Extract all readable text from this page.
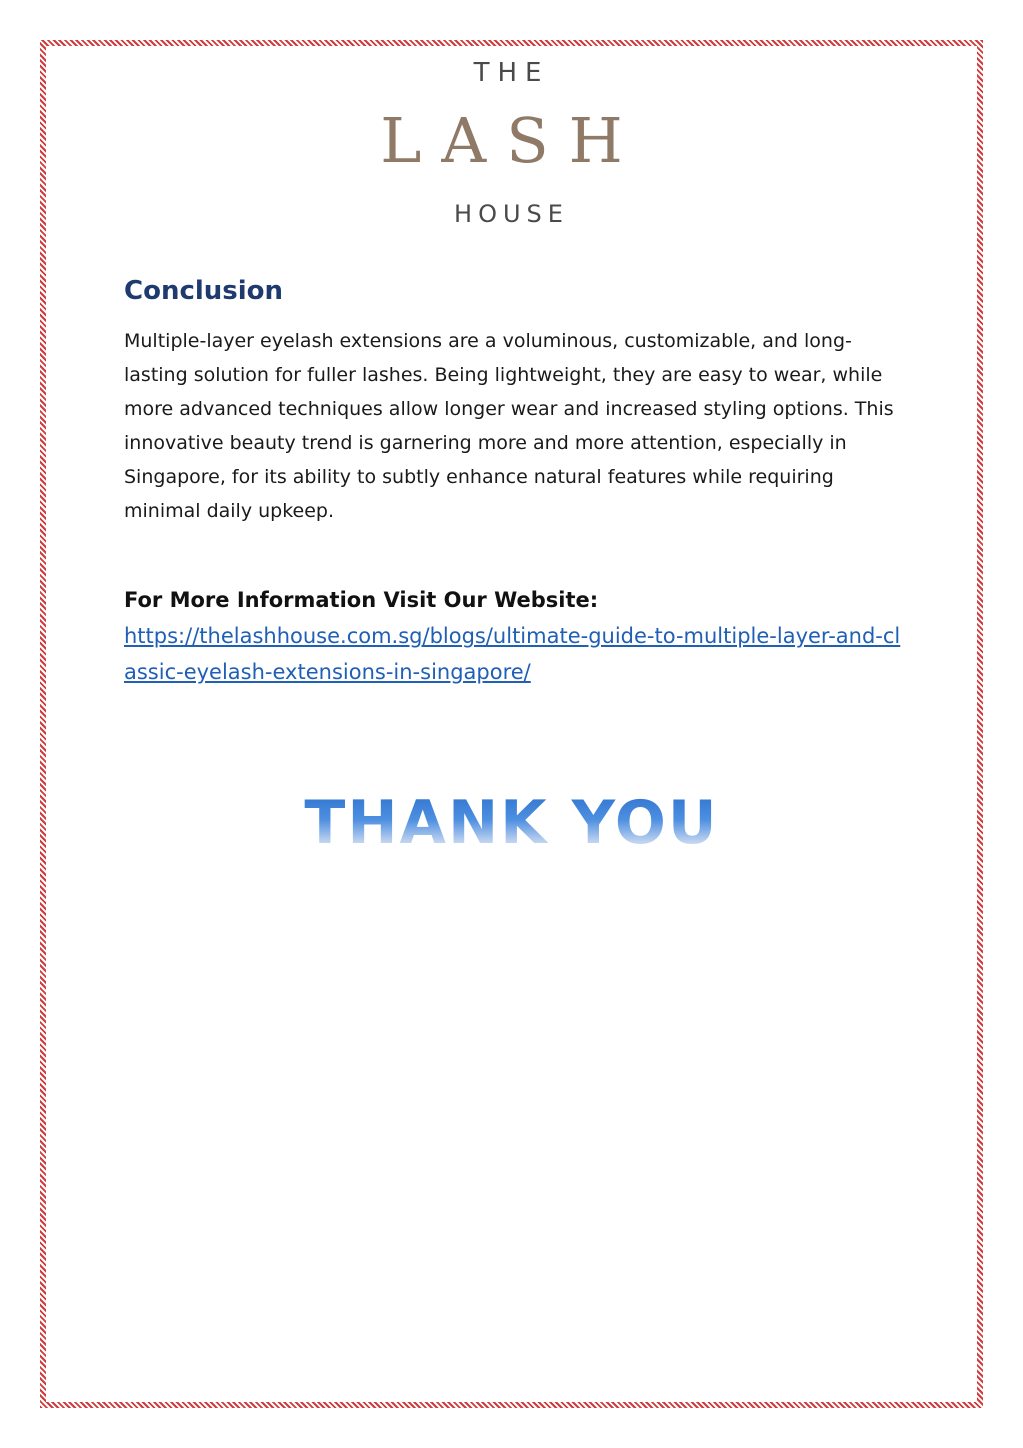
THE
LASH
HOUSE
Conclusion

Multiple-layer eyelash extensions are a voluminous, customizable, and long-lasting solution for fuller lashes. Being lightweight, they are easy to wear, while more advanced techniques allow longer wear and increased styling options. This innovative beauty trend is garnering more and more attention, especially in Singapore, for its ability to subtly enhance natural features while requiring minimal daily upkeep.

For More Information Visit Our Website:
https://thelashhouse.com.sg/blogs/ultimate-guide-to-multiple-layer-and-classic-eyelash-extensions-in-singapore/
THANK YOU
